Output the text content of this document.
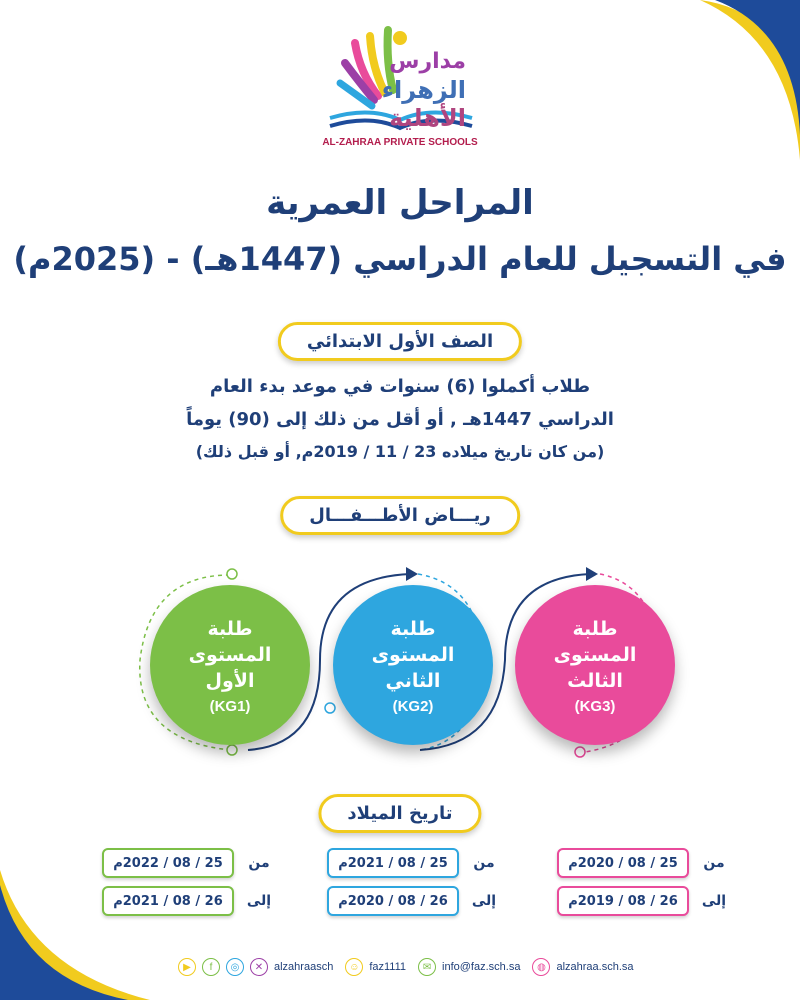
مدارس
الزهراء
الأهلية
AL-ZAHRAA PRIVATE SCHOOLS
المراحل العمرية
في التسجيل للعام الدراسي (1447هـ) - (2025م)
الصف الأول الابتدائي
طلاب أكملوا (6) سنوات في موعد بدء العام
الدراسي 1447هـ , أو أقل من ذلك إلى (90) يوماً
(من كان تاريخ ميلاده 23 / 11 / 2019م, أو قبل ذلك)
ريـــاض الأطـــفـــال
طلبة
المستوى
الأول
(KG1)
طلبة
المستوى
الثاني
(KG2)
طلبة
المستوى
الثالث
(KG3)
تاريخ الميلاد
25 / 08 / 2022م	من
26 / 08 / 2021م	إلى
25 / 08 / 2021م	من
26 / 08 / 2020م	إلى
25 / 08 / 2020م	من
26 / 08 / 2019م	إلى
▶	f	◎	✕ alzahraasch	☺ faz1111	✉ info@faz.sch.sa	◍ alzahraa.sch.sa
